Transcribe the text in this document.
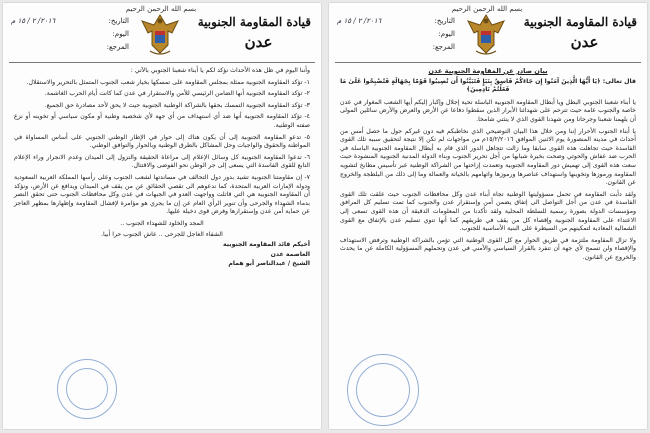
بسم الله الرحمن الرحيم
قيادة المقاومة الجنوبية
عدن
التاريخ:
٢٠١٦/ ٢ / ١٥ م
اليوم:
المرجع:

وأننا اليوم في ظل هذه الأحداث نؤكد لكم يا أبناء شعبنا الجنوبي بالآتي :

١- تؤكد المقاومة الجنوبية ممثلة بمجلس المقاومة على تمسكها بخيار شعب الجنوب المتمثل بالتحرير والاستقلال.

٢- تؤكد المقاومة الجنوبية أنها الضامن الرئيسي للأمن والاستقرار في عدن كما كانت أيام الحرب الغاشمة.

٣- تؤكد المقاومة الجنوبية التمسك بحقها بالشراكة الوطنية الجنوبية حيث لا يحق لأحد مصادرة حق الجميع.

٤- تؤكد المقاومة الجنوبية أنها ضد أي استهداف من أي جهة لأي شخصية وطنية أو مكون سياسي أو تخوينه أو نزع صفته الوطنية.

٥- تدعو المقاومة الجنوبية إلى أن يكون هناك إلى حوار في الإطار الوطني الجنوبي على أساس المساواة في المواطنة والحقوق والواجبات وحل المشاكل بالطرق الوطنية وبالحوار والتوافق الوطني.

٦- تدعوا المقاومة الجنوبية كل وسائل الإعلام إلى مراعاة الحقيقة والتزول إلى الميدان وعدم الانجرار وراء الإعلام التابع للقوى الفاسدة التي يسعى إلى جر الوطن نحو الفوضى والاقتتال.

٧- إن مقاومتنا الجنوبية تشيد بدور دول التحالف في مساندتها لشعب الجنوب وعلى رأسها المملكة العربية السعودية ودولة الإمارات العربية المتحدة، كما ندعوهم الى تقصي الحقائق عن من يقف في الميدان ويدافع عن الأرض، ونؤكد أن المقاومة الجنوبية هي التي قاتلت وواجهت العدو في الجبهات في عدن وكل محافظات الجنوب حتى تحقق النصر بدماء الشهداء والجرحى وأن تنوير الرأي العام عن إن ما يجري هو مؤامرة لإفشال المقاومة وإظهارها بمظهر العاجز عن حماية أمن عدن وإستقرارها وفرض قوى دخيلة عليها.

المجد والخلود للشهداء الجنوب ..
الشفاء العاجل للجرحى .. عاش الجنوب حرا أبيا.
أخيكم قائد المقاومة الجنوبية
العاصمة عدن
الشيخ / عبدالناصر أبو همام
بسم الله الرحمن الرحيم
قيادة المقاومة الجنوبية
عدن
التاريخ:
٢٠١٦/ ٢ / ١٥ م
اليوم:
المرجع:
بيان صادر عن المقاومة الجنوبية عدن
قال تعالى: ﴿يَا أَيُّهَا الَّذِينَ آمَنُوا إِن جَاءَكُمْ فَاسِقٌ بِنَبَإٍ فَتَبَيَّنُوا أَن تُصِيبُوا قَوْمًا بِجَهَالَةٍ فَتُصْبِحُوا عَلَىٰ مَا فَعَلْتُمْ نَادِمِينَ﴾

يا أبناء شعبنا الجنوبي البطل ويا أبطال المقاومة الجنوبية الباسلة تحية إجلال وإكبار إليكم أيها الشعب المغوار في عدن خاصة والجنوب عامة حيث تترحم على شهدائنا الأبرار الذين سقطوا دفاعا عن الأرض والعرض والأرض سائلين المولى أن يلهمنا شعبنا وجرحانا ومن شهدنا القوي الذي لا ينثني شامخا.

يا أبناء الجنوب الأحرار إننا ومن خلال هذا البيان التوضيحي الذي نخاطبكم فيه دون غيركم حول ما حصل أمس من أحداث في مدينة المنصورة يوم الاثنين الموافق ١٥/٢/٢٠١٦م من مواجهات لم تكن إلا نتيجة لتحقيق سببه تلك القوى الفاسدة حيث تجاهلت هذه القوى سابقا وما زالت تتجاهل الدور الذي قام به أبطال المقاومة الجنوبية الباسلة في الحرب ضد عفاش والحوثي وضحت بخيرة شبابها من أجل تحرير الجنوب وبناء الدولة المدنية الجنوبية المنشودة حيث سعت هذه القوى إلى تهميش دور المقاومة الجنوبية وتعمدت إزاحتها من الشراكة الوطنية عبر تأسيس مطابخ لتشويه المقاومة ورموزها وتخوينها واستهداف عناصرها ورموزها واتهامهم بالخيانة والعمالة وما إلى ذلك من البلطجة والخروج عن القانون.

ولقد دأبت المقاومة في تحمل مسؤوليتها الوطنية تجاه أبناء عدن وكل محافظات الجنوب حيث علقت تلك القوى الفاسدة في عدن من أجل التواصل الى إتفاق يضمن أمن وإستقرار عدن والجنوب كما تمت تسليم كل المرافق ومؤسسات الدولة بصورة رسمية للسلطة المحلية ولقد تأكدنا من المعلومات الدقيقة أن هذه القوى تسعى إلى الاعتداء على المقاومة الجنوبية وإقصاء كل من يقف في طريقهم كما أنها تنوي تسليم عدن بالإتفاق مع القوى الشمالية المعادية لتمكينهم من السيطرة على البنية الأساسية للجنوب.

ولا تزال المقاومة ملتزمة في طريق الحوار مع كل القوى الوطنية التي تؤمن بالشراكة الوطنية وترفض الاستهداف والإقصاء ولن تسمح لأي جهة أن تنفرد بالقرار السياسي والأمني في عدن وتحملهم المسؤولية الكاملة عن ما يحدث والخروج عن القانون.
